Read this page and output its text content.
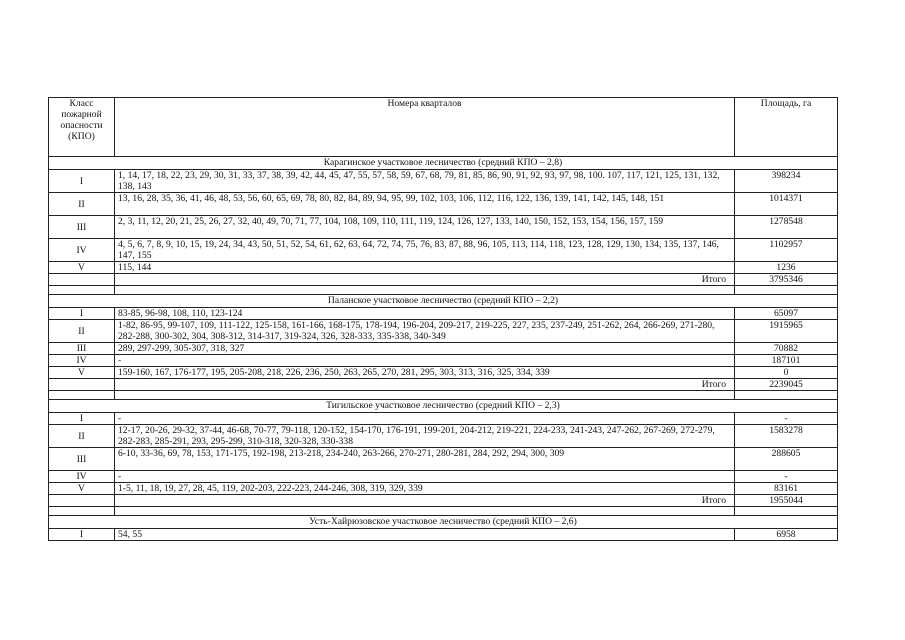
Класс пожарной опасности (КПО)	Номера кварталов	Площадь, га
Карагинское участковое лесничество (средний КПО – 2,8)		
I	1, 14, 17, 18, 22, 23, 29, 30, 31, 33, 37, 38, 39, 42, 44, 45, 47, 55, 57, 58, 59, 67, 68, 79, 81, 85, 86, 90, 91, 92, 93, 97, 98, 100. 107, 117, 121, 125, 131, 132, 138, 143	398234
II	13, 16, 28, 35, 36, 41, 46, 48, 53, 56, 60, 65, 69, 78, 80, 82, 84, 89, 94, 95, 99, 102, 103, 106, 112, 116, 122, 136, 139, 141, 142, 145, 148, 151	1014371
III	2, 3, 11, 12, 20, 21, 25, 26, 27, 32, 40, 49, 70, 71, 77, 104, 108, 109, 110, 111, 119, 124, 126, 127, 133, 140, 150, 152, 153, 154, 156, 157, 159	1278548
IV	4, 5, 6, 7, 8, 9, 10, 15, 19, 24, 34, 43, 50, 51, 52, 54, 61, 62, 63, 64, 72, 74, 75, 76, 83, 87, 88, 96, 105, 113, 114, 118, 123, 128, 129, 130, 134, 135, 137, 146, 147, 155	1102957
V	115, 144	1236
	Итого	3795346

Паланское участковое лесничество (средний КПО – 2,2)		
I	83-85, 96-98, 108, 110, 123-124	65097
II	1-82, 86-95, 99-107, 109, 111-122, 125-158, 161-166, 168-175, 178-194, 196-204, 209-217, 219-225, 227, 235, 237-249, 251-262, 264, 266-269, 271-280, 282-288, 300-302, 304, 308-312, 314-317, 319-324, 326, 328-333, 335-338, 340-349	1915965
III	289, 297-299, 305-307, 318, 327	70882
IV	-	187101
V	159-160, 167, 176-177, 195, 205-208, 218, 226, 236, 250, 263, 265, 270, 281, 295, 303, 313, 316, 325, 334, 339	0
	Итого	2239045

Тигильское участковое лесничество (средний КПО – 2,3)		
I	-	-
II	12-17, 20-26, 29-32, 37-44, 46-68, 70-77, 79-118, 120-152, 154-170, 176-191, 199-201, 204-212, 219-221, 224-233, 241-243, 247-262, 267-269, 272-279, 282-283, 285-291, 293, 295-299, 310-318, 320-328, 330-338	1583278
III	6-10, 33-36, 69, 78, 153, 171-175, 192-198, 213-218, 234-240, 263-266, 270-271, 280-281, 284, 292, 294, 300, 309	288605
IV	-	-
V	1-5, 11, 18, 19, 27, 28, 45, 119, 202-203, 222-223, 244-246, 308, 319, 329, 339	83161
	Итого	1955044

Усть-Хайрюзовское участковое лесничество (средний КПО – 2,6)		
I	54, 55	6958
